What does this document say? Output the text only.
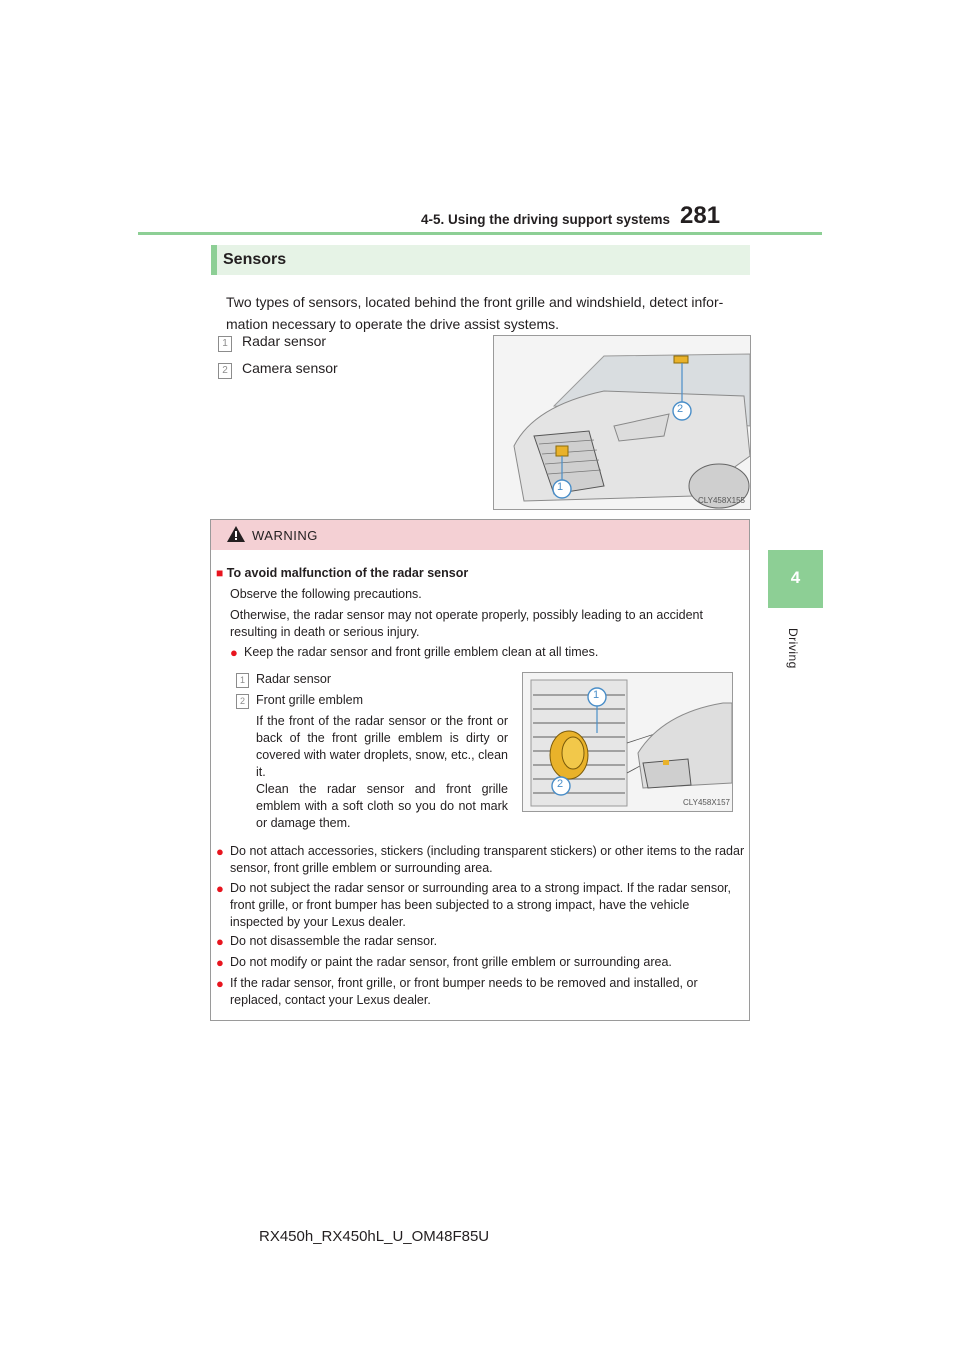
4-5. Using the driving support systems 281
4
Driving
Sensors
Two types of sensors, located behind the front grille and windshield, detect infor- mation necessary to operate the drive assist systems.
1 Radar sensor
2 Camera sensor
1
2
CLY458X155
WARNING
■ To avoid malfunction of the radar sensor
Observe the following precautions.
Otherwise, the radar sensor may not operate properly, possibly leading to an accident resulting in death or serious injury.
● Keep the radar sensor and front grille emblem clean at all times.
1 Radar sensor
2 Front grille emblem
If the front of the radar sensor or the front or back of the front grille emblem is dirty or covered with water droplets, snow, etc., clean it.
Clean the radar sensor and front grille emblem with a soft cloth so you do not mark or damage them.
1
2
CLY458X157
● Do not attach accessories, stickers (including transparent stickers) or other items to the radar sensor, front grille emblem or surrounding area.
● Do not subject the radar sensor or surrounding area to a strong impact. If the radar sensor, front grille, or front bumper has been subjected to a strong impact, have the vehicle inspected by your Lexus dealer.
● Do not disassemble the radar sensor.
● Do not modify or paint the radar sensor, front grille emblem or surrounding area.
● If the radar sensor, front grille, or front bumper needs to be removed and installed, or replaced, contact your Lexus dealer.
RX450h_RX450hL_U_OM48F85U
